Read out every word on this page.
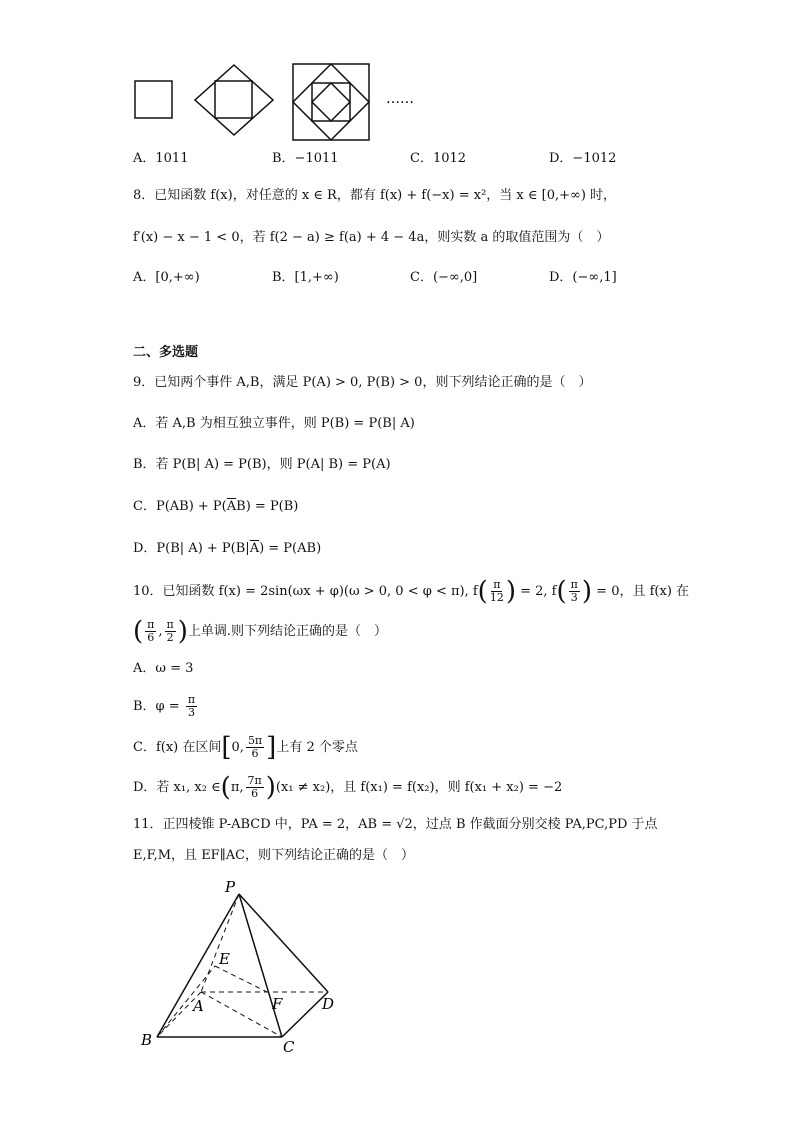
……
A．1011	B．−1011	C．1012	D．−1012
8．已知函数 f(x)，对任意的 x ∈ R，都有 f(x) + f(−x) = x²，当 x ∈ [0,+∞) 时，
f′(x) − x − 1 < 0，若 f(2 − a) ≥ f(a) + 4 − 4a，则实数 a 的取值范围为（　）
A．[0,+∞)	B．[1,+∞)	C．(−∞,0]	D．(−∞,1]
二、多选题
9．已知两个事件 A,B，满足 P(A) > 0, P(B) > 0，则下列结论正确的是（　）
A．若 A,B 为相互独立事件，则 P(B) = P(B| A)
B．若 P(B| A) = P(B)，则 P(A| B) = P(A)
C．$P(AB) + P(\overline{A}B) = P(B)$
D．P(B| $A) + P(B|\overline{A}) = P(AB)$
10．已知函数 f(x) = 2sin(ωx + φ)(ω > 0, 0 < φ < π), $f( \frac{\pi}{12}$ ) = 2, $f( \frac{\pi}{3}$ ) = 0，且 f(x) 在
( $\frac{\pi}{6}$ , $\frac{\pi}{2}$ )上单调.则下列结论正确的是（　）
A．ω = 3
B．$\varphi = \frac{\pi}{3}$
C．f(x) 在区间[0, $\frac{5\pi}{6}$ ]上有 2 个零点
D．若 x₁, x₂ ∈(π, $\frac{7\pi}{6} )(x_1 \ne x_2)$，且 f(x₁) = f(x₂)，则 f(x₁ + x₂) = −2
11．正四棱锥 P-ABCD 中，PA = 2，AB = √2，过点 B 作截面分别交棱 PA,PC,PD 于点
E,F,M，且 EF∥AC，则下列结论正确的是（　）
P
E
A	F	D
B	C
